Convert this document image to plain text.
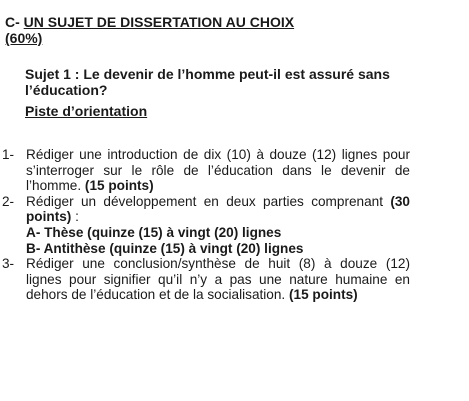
C- UN SUJET DE DISSERTATION AU CHOIX
(60%)
Sujet 1 : Le devenir de l’homme peut-il est assuré sans l’éducation?
Piste d’orientation
1- Rédiger une introduction de dix (10) à douze (12) lignes pour s’interroger sur le rôle de l’éducation dans le devenir de l’homme. (15 points)
2- Rédiger un développement en deux parties comprenant (30 points) :
A- Thèse (quinze (15) à vingt (20) lignes
B- Antithèse (quinze (15) à vingt (20) lignes
3- Rédiger une conclusion/synthèse de huit (8) à douze (12) lignes pour signifier qu’il n’y a pas une nature humaine en dehors de l’éducation et de la socialisation. (15 points)
